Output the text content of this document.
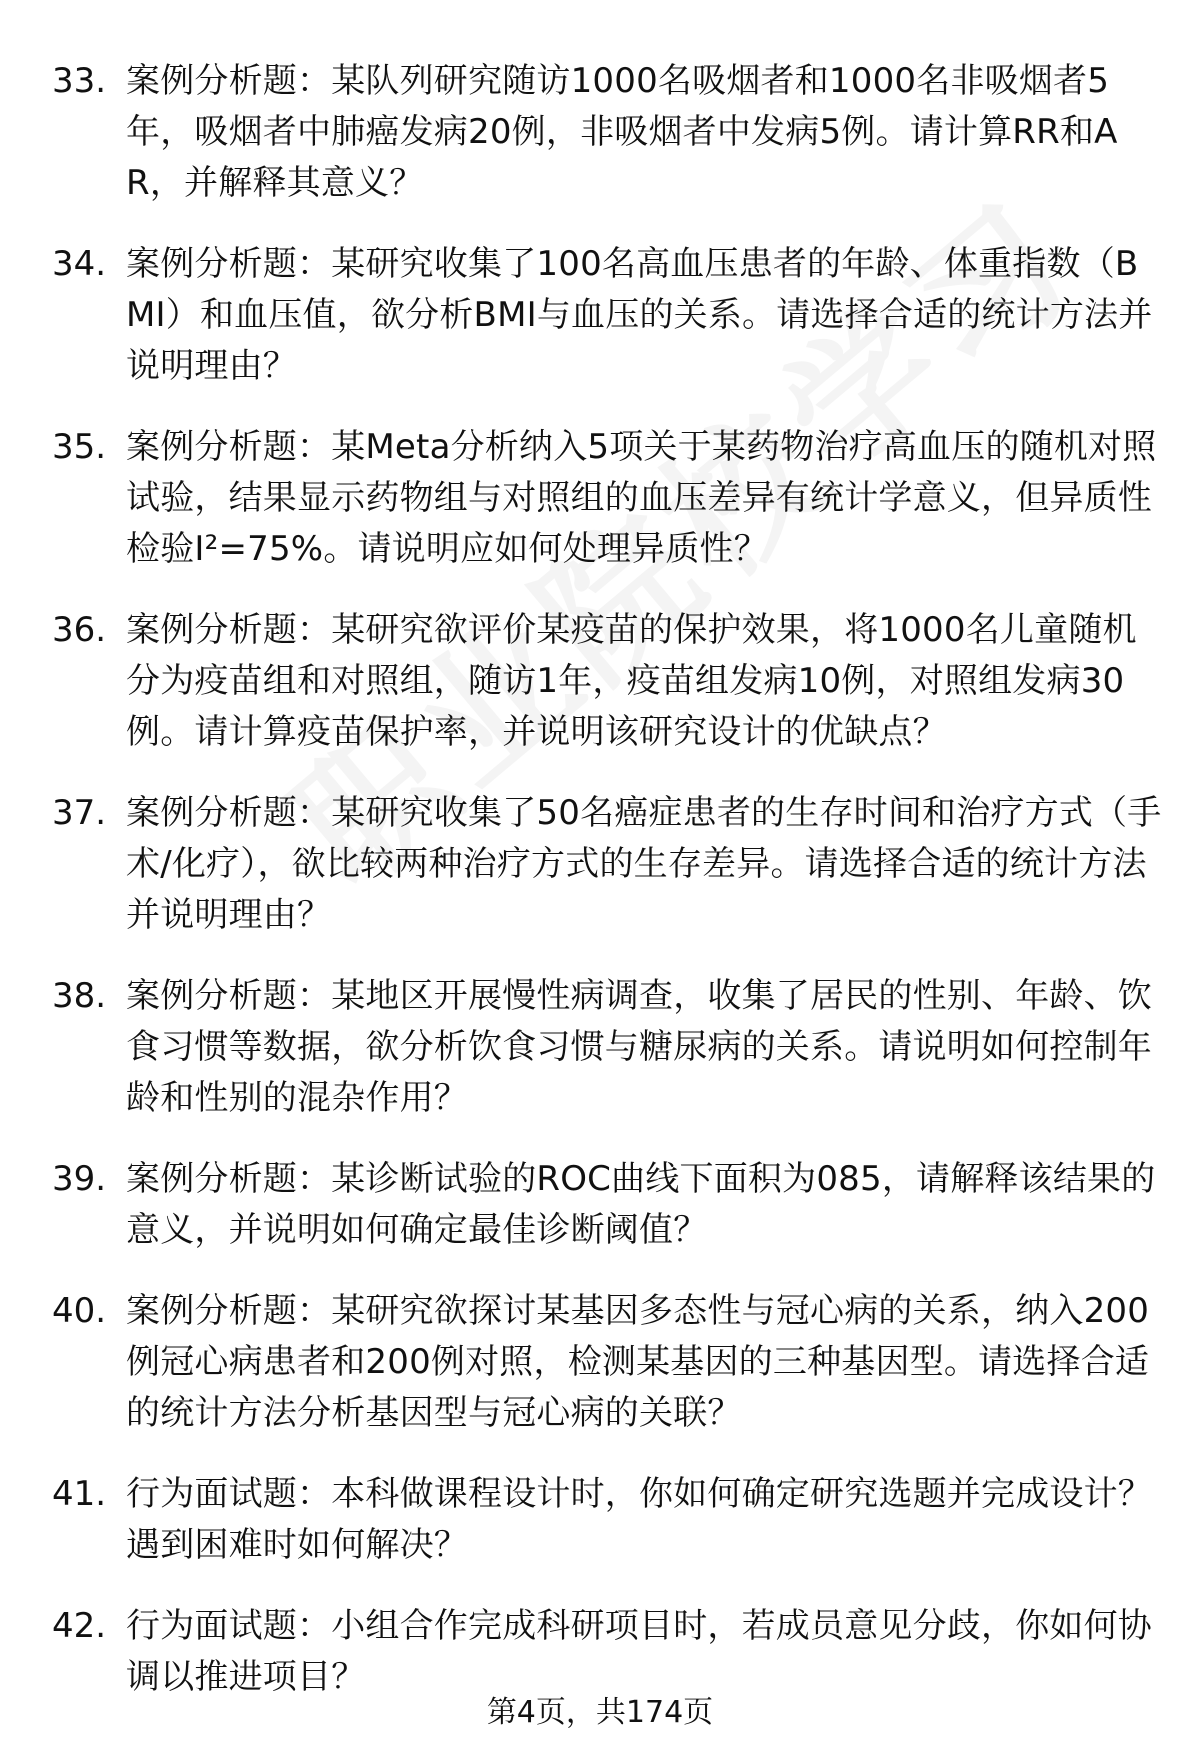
33. 案例分析题：某队列研究随访1000名吸烟者和1000名非吸烟者5年，吸烟者中肺癌发病20例，非吸烟者中发病5例。请计算RR和AR，并解释其意义？
34. 案例分析题：某研究收集了100名高血压患者的年龄、体重指数（BMI）和血压值，欲分析BMI与血压的关系。请选择合适的统计方法并说明理由？
35. 案例分析题：某Meta分析纳入5项关于某药物治疗高血压的随机对照试验，结果显示药物组与对照组的血压差异有统计学意义，但异质性检验I²=75%。请说明应如何处理异质性？
36. 案例分析题：某研究欲评价某疫苗的保护效果，将1000名儿童随机分为疫苗组和对照组，随访1年，疫苗组发病10例，对照组发病30例。请计算疫苗保护率，并说明该研究设计的优缺点？
37. 案例分析题：某研究收集了50名癌症患者的生存时间和治疗方式（手术/化疗），欲比较两种治疗方式的生存差异。请选择合适的统计方法并说明理由？
38. 案例分析题：某地区开展慢性病调查，收集了居民的性别、年龄、饮食习惯等数据，欲分析饮食习惯与糖尿病的关系。请说明如何控制年龄和性别的混杂作用？
39. 案例分析题：某诊断试验的ROC曲线下面积为085，请解释该结果的意义，并说明如何确定最佳诊断阈值？
40. 案例分析题：某研究欲探讨某基因多态性与冠心病的关系，纳入200例冠心病患者和200例对照，检测某基因的三种基因型。请选择合适的统计方法分析基因型与冠心病的关联？
41. 行为面试题：本科做课程设计时，你如何确定研究选题并完成设计？遇到困难时如何解决？
42. 行为面试题：小组合作完成科研项目时，若成员意见分歧，你如何协调以推进项目？
第4页，共174页
